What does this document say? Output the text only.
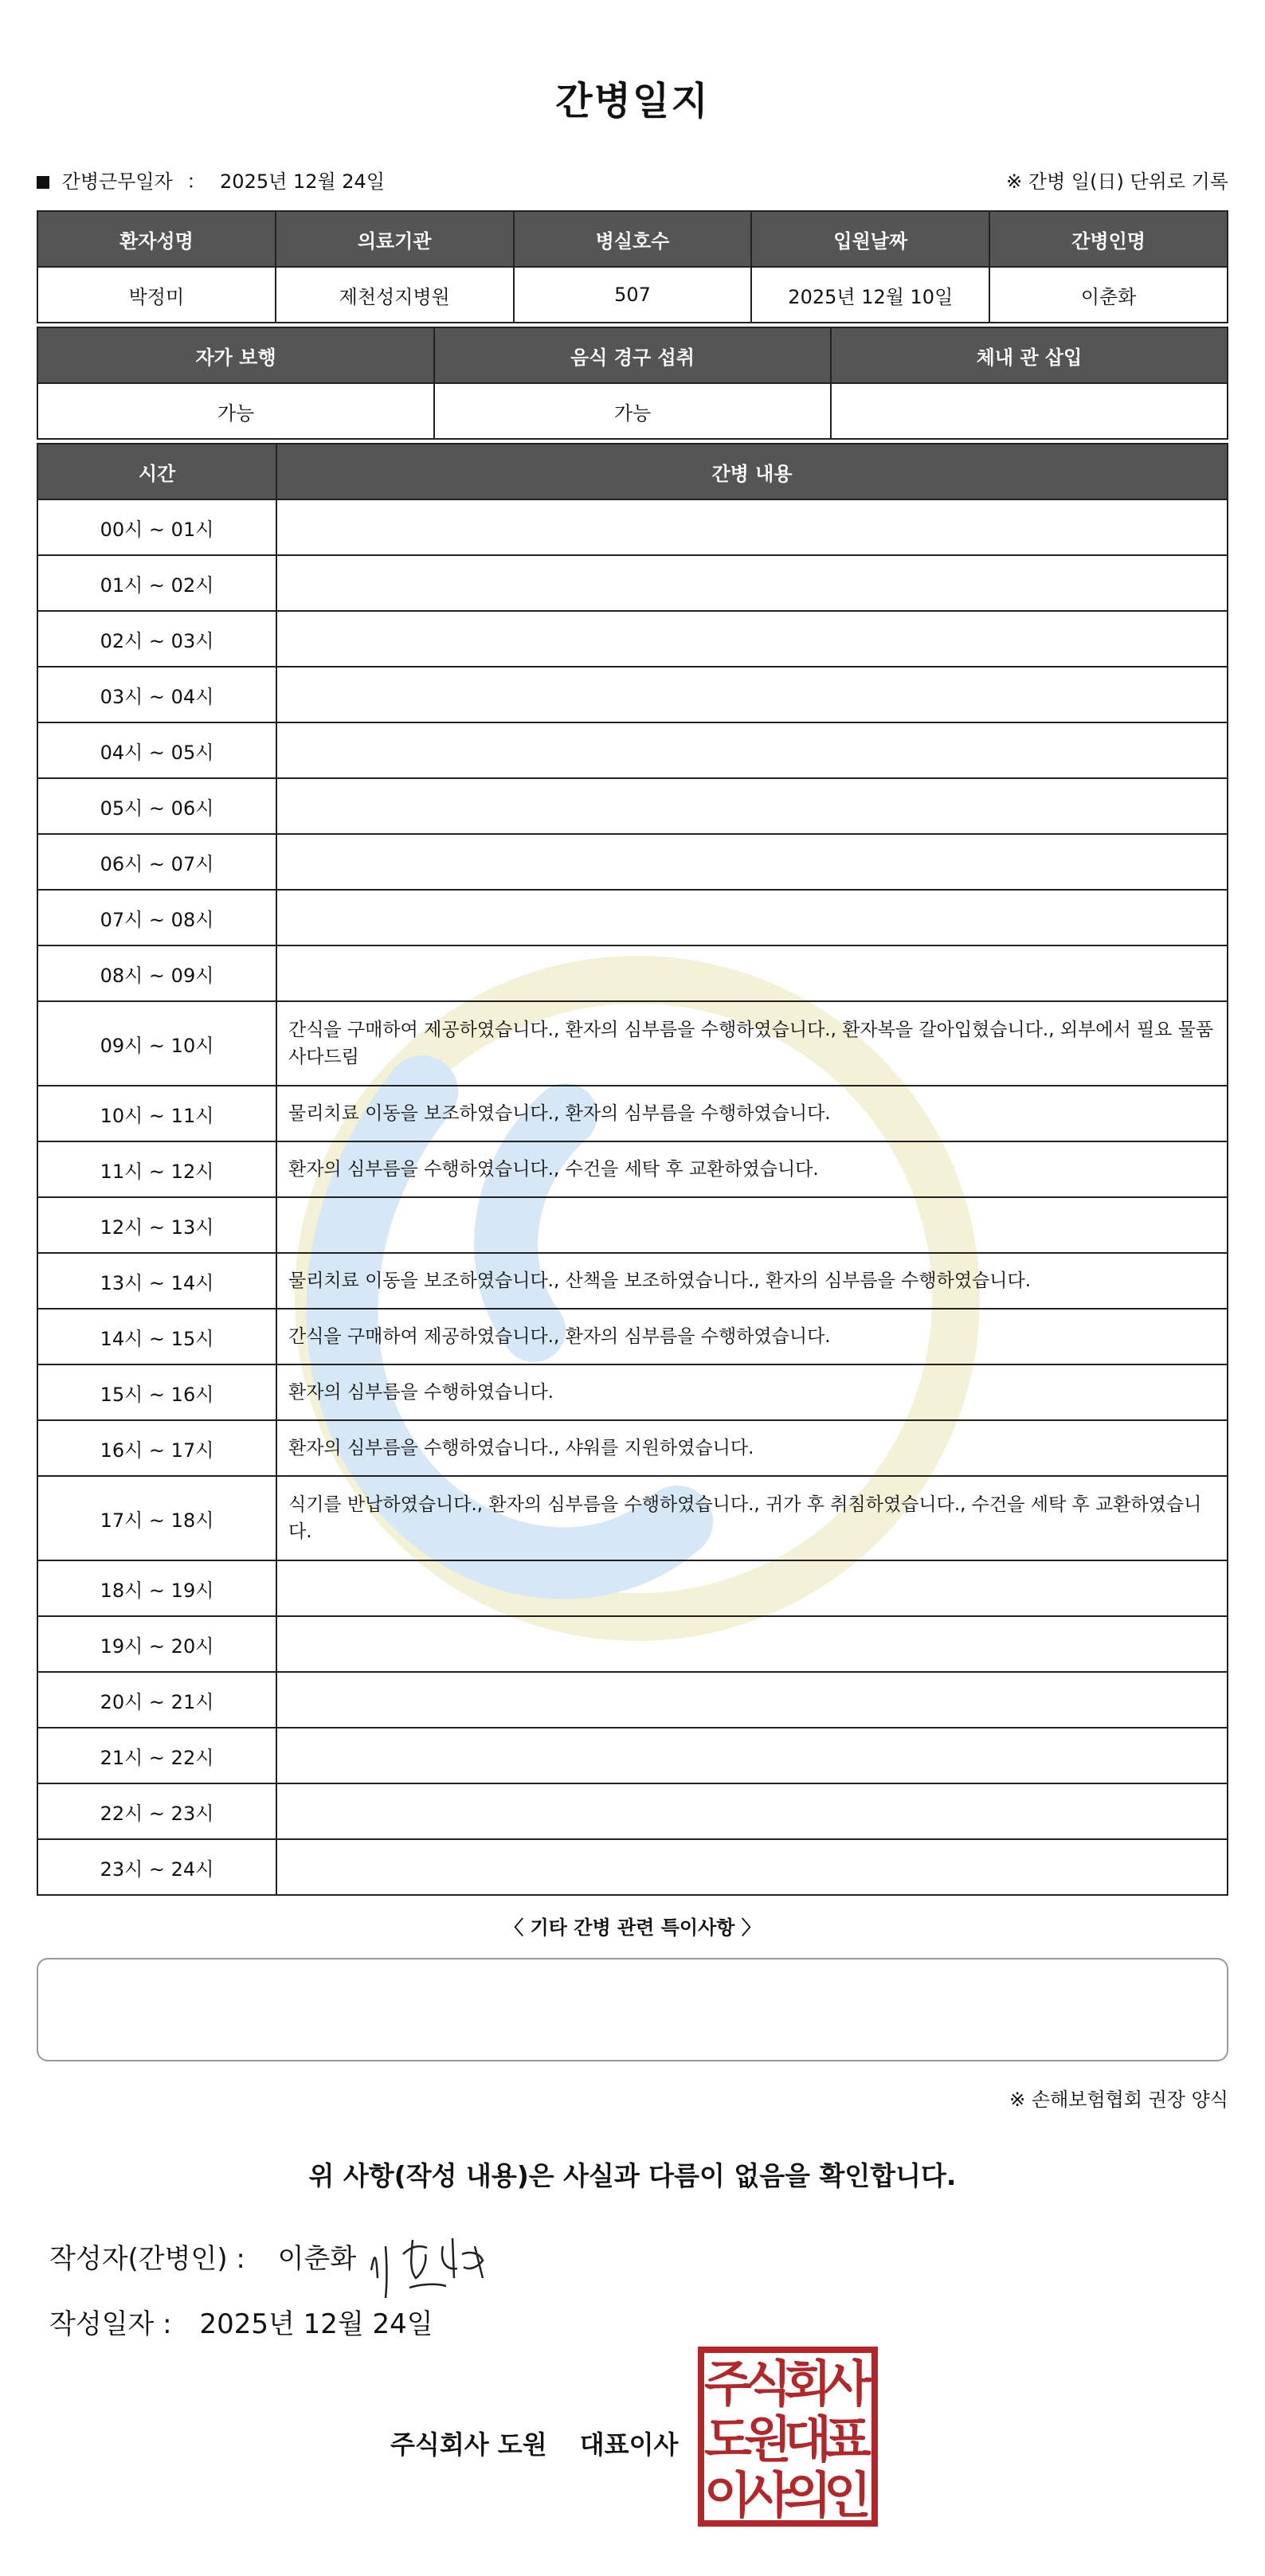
간병일지
간병근무일자 ： 2025년 12월 24일	※ 간병 일(日) 단위로 기록
환자성명	의료기관	병실호수	입원날짜	간병인명
박정미	제천성지병원	507	2025년 12월 10일	이춘화
자가 보행	음식 경구 섭취	체내 관 삽입
가능	가능	
시간	간병 내용
00시 ~ 01시	
01시 ~ 02시	
02시 ~ 03시	
03시 ~ 04시	
04시 ~ 05시	
05시 ~ 06시	
06시 ~ 07시	
07시 ~ 08시	
08시 ~ 09시	
09시 ~ 10시	간식을 구매하여 제공하였습니다., 환자의 심부름을 수행하였습니다., 환자복을 갈아입혔습니다., 외부에서 필요 물품사다드림
10시 ~ 11시	물리치료 이동을 보조하였습니다., 환자의 심부름을 수행하였습니다.
11시 ~ 12시	환자의 심부름을 수행하였습니다., 수건을 세탁 후 교환하였습니다.
12시 ~ 13시	
13시 ~ 14시	물리치료 이동을 보조하였습니다., 산책을 보조하였습니다., 환자의 심부름을 수행하였습니다.
14시 ~ 15시	간식을 구매하여 제공하였습니다., 환자의 심부름을 수행하였습니다.
15시 ~ 16시	환자의 심부름을 수행하였습니다.
16시 ~ 17시	환자의 심부름을 수행하였습니다., 샤워를 지원하였습니다.
17시 ~ 18시	식기를 반납하였습니다., 환자의 심부름을 수행하였습니다., 귀가 후 취침하였습니다., 수건을 세탁 후 교환하였습니다.
18시 ~ 19시	
19시 ~ 20시	
20시 ~ 21시	
21시 ~ 22시	
22시 ~ 23시	
23시 ~ 24시	
〈 기타 간병 관련 특이사항 〉
※ 손해보험협회 권장 양식
위 사항(작성 내용)은 사실과 다름이 없음을 확인합니다.
작성자(간병인) : 이춘화
작성일자 : 2025년 12월 24일
주식회사 도원 대표이사
주
식
회
사
도
원
대
표
이
사
의
인
